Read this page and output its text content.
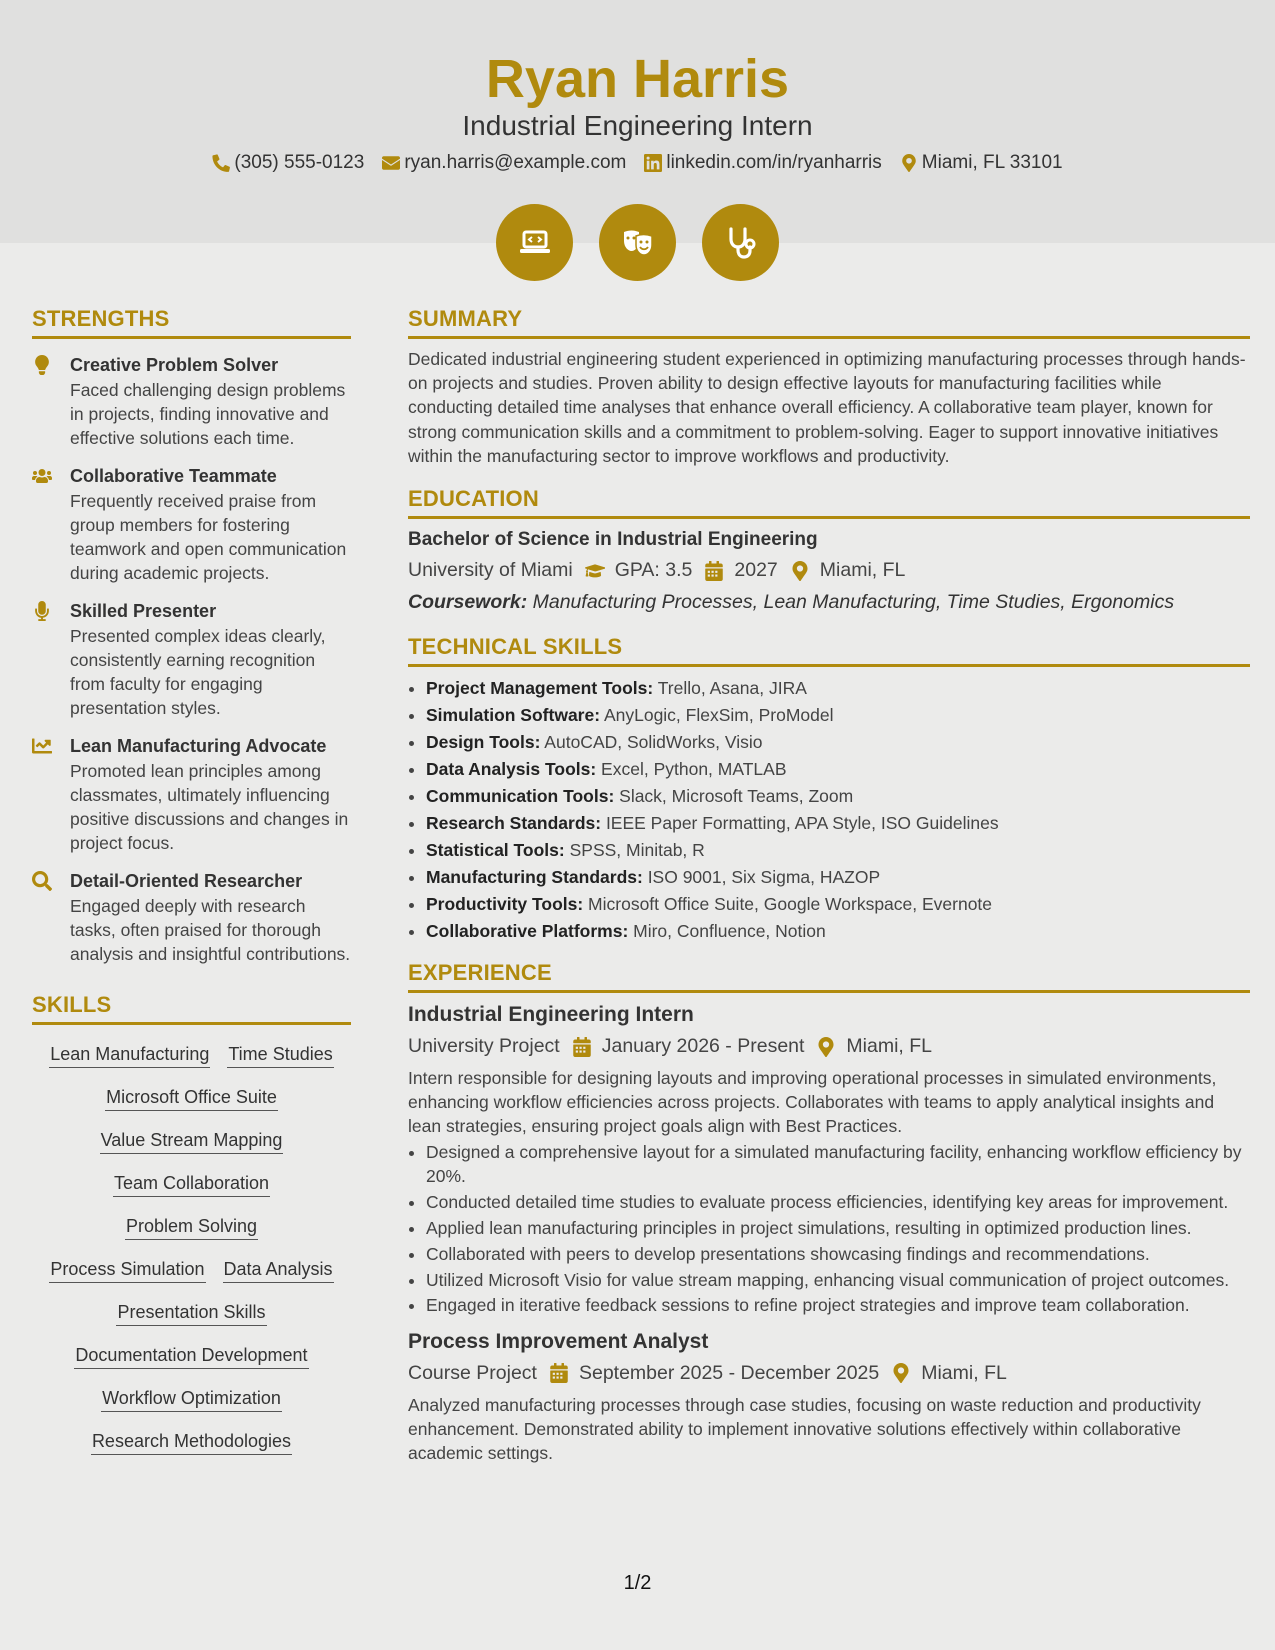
Ryan Harris
Industrial Engineering Intern
(305) 555-0123 ryan.harris@example.com linkedin.com/in/ryanharris Miami, FL 33101
STRENGTHS
Creative Problem Solver
Faced challenging design problems in projects, finding innovative and effective solutions each time.
Collaborative Teammate
Frequently received praise from group members for fostering teamwork and open communication during academic projects.
Skilled Presenter
Presented complex ideas clearly, consistently earning recognition from faculty for engaging presentation styles.
Lean Manufacturing Advocate
Promoted lean principles among classmates, ultimately influencing positive discussions and changes in project focus.
Detail-Oriented Researcher
Engaged deeply with research tasks, often praised for thorough analysis and insightful contributions.
SKILLS
Lean Manufacturing Time Studies
Microsoft Office Suite
Value Stream Mapping
Team Collaboration
Problem Solving
Process Simulation Data Analysis
Presentation Skills
Documentation Development
Workflow Optimization
Research Methodologies
SUMMARY
Dedicated industrial engineering student experienced in optimizing manufacturing processes through hands-on projects and studies. Proven ability to design effective layouts for manufacturing facilities while conducting detailed time analyses that enhance overall efficiency. A collaborative team player, known for strong communication skills and a commitment to problem-solving. Eager to support innovative initiatives within the manufacturing sector to improve workflows and productivity.
EDUCATION
Bachelor of Science in Industrial Engineering
University of Miami GPA: 3.5 2027 Miami, FL
Coursework: Manufacturing Processes, Lean Manufacturing, Time Studies, Ergonomics
TECHNICAL SKILLS
• Project Management Tools: Trello, Asana, JIRA
• Simulation Software: AnyLogic, FlexSim, ProModel
• Design Tools: AutoCAD, SolidWorks, Visio
• Data Analysis Tools: Excel, Python, MATLAB
• Communication Tools: Slack, Microsoft Teams, Zoom
• Research Standards: IEEE Paper Formatting, APA Style, ISO Guidelines
• Statistical Tools: SPSS, Minitab, R
• Manufacturing Standards: ISO 9001, Six Sigma, HAZOP
• Productivity Tools: Microsoft Office Suite, Google Workspace, Evernote
• Collaborative Platforms: Miro, Confluence, Notion
EXPERIENCE
Industrial Engineering Intern
University Project January 2026 - Present Miami, FL
Intern responsible for designing layouts and improving operational processes in simulated environments, enhancing workflow efficiencies across projects. Collaborates with teams to apply analytical insights and lean strategies, ensuring project goals align with Best Practices.
• Designed a comprehensive layout for a simulated manufacturing facility, enhancing workflow efficiency by 20%.
• Conducted detailed time studies to evaluate process efficiencies, identifying key areas for improvement.
• Applied lean manufacturing principles in project simulations, resulting in optimized production lines.
• Collaborated with peers to develop presentations showcasing findings and recommendations.
• Utilized Microsoft Visio for value stream mapping, enhancing visual communication of project outcomes.
• Engaged in iterative feedback sessions to refine project strategies and improve team collaboration.
Process Improvement Analyst
Course Project September 2025 - December 2025 Miami, FL
Analyzed manufacturing processes through case studies, focusing on waste reduction and productivity enhancement. Demonstrated ability to implement innovative solutions effectively within collaborative academic settings.
1/2
